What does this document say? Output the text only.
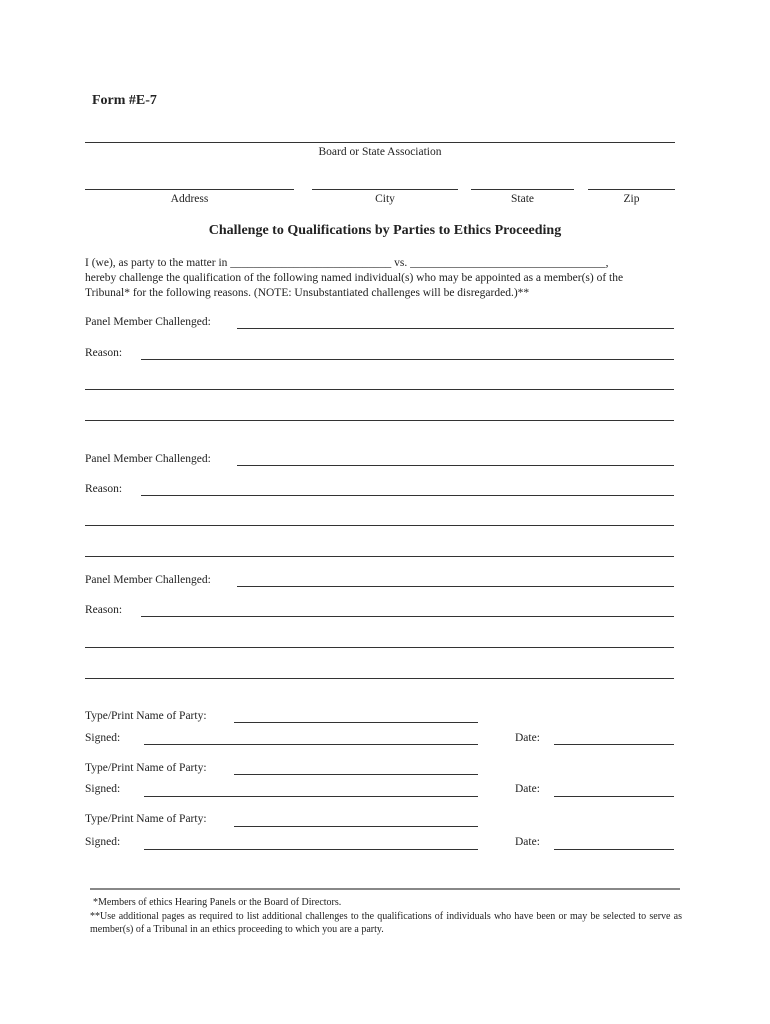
Form #E-7
Board or State Association
Address	City	State	Zip
Challenge to Qualifications by Parties to Ethics Proceeding
I (we), as party to the matter in ____________________________ vs. __________________________________,
hereby challenge the qualification of the following named individual(s) who may be appointed as a member(s) of the
Tribunal* for the following reasons. (NOTE: Unsubstantiated challenges will be disregarded.)**
Panel Member Challenged:
Reason:
Panel Member Challenged:
Reason:
Panel Member Challenged:
Reason:
Type/Print Name of Party:
Signed:	Date:
Type/Print Name of Party:
Signed:	Date:
Type/Print Name of Party:
Signed:	Date:
*Members of ethics Hearing Panels or the Board of Directors.
**Use additional pages as required to list additional challenges to the qualifications of individuals who have been or may be selected to serve as member(s) of a Tribunal in an ethics proceeding to which you are a party.
